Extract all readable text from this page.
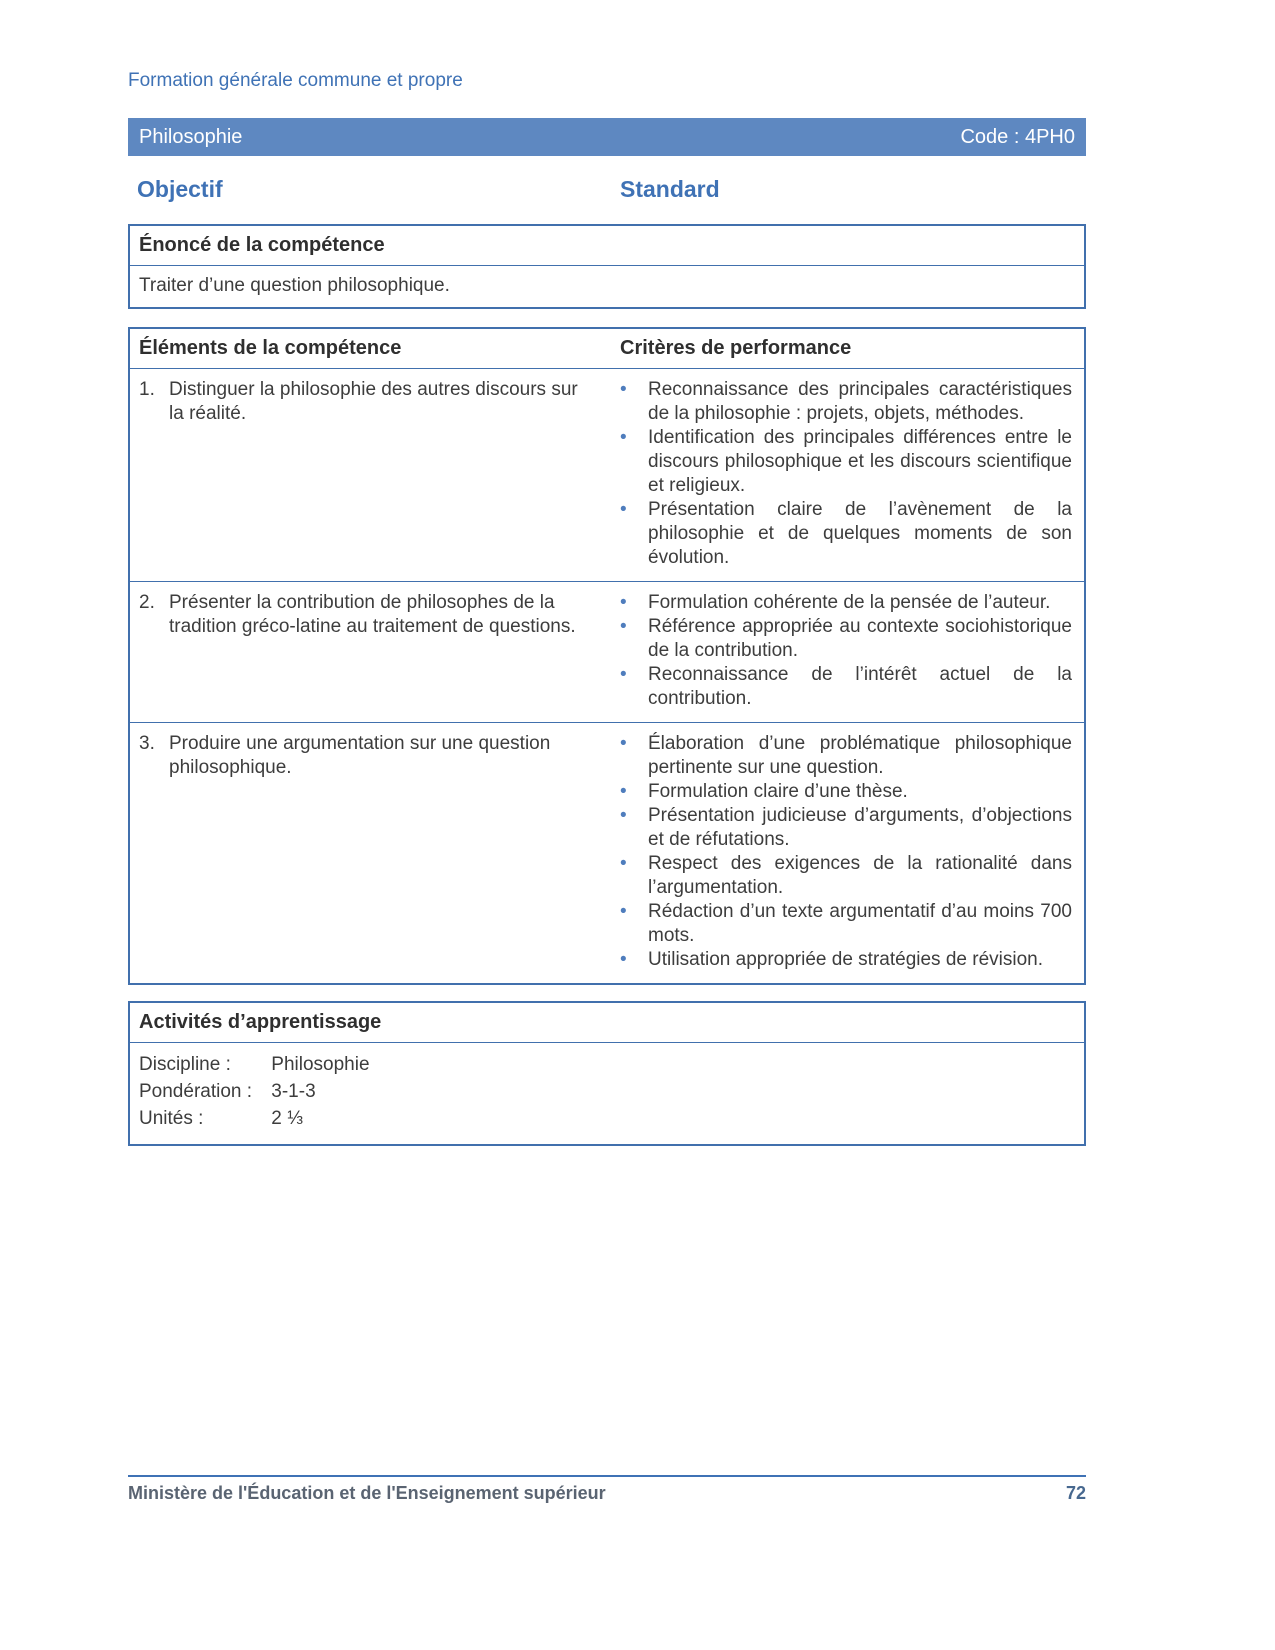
Formation générale commune et propre
Philosophie	Code : 4PH0
Objectif	Standard
Énoncé de la compétence
Traiter d’une question philosophique.
Éléments de la compétence	Critères de performance
1. Distinguer la philosophie des autres discours sur la réalité.
•	Reconnaissance des principales caractéristiques de la philosophie : projets, objets, méthodes.
•	Identification des principales différences entre le discours philosophique et les discours scientifique et religieux.
•	Présentation claire de l’avènement de la philosophie et de quelques moments de son évolution.
2. Présenter la contribution de philosophes de la tradition gréco-latine au traitement de questions.
•	Formulation cohérente de la pensée de l’auteur.
•	Référence appropriée au contexte sociohistorique de la contribution.
•	Reconnaissance de l’intérêt actuel de la contribution.
3. Produire une argumentation sur une question philosophique.
•	Élaboration d’une problématique philosophique pertinente sur une question.
•	Formulation claire d’une thèse.
•	Présentation judicieuse d’arguments, d’objections et de réfutations.
•	Respect des exigences de la rationalité dans l’argumentation.
•	Rédaction d’un texte argumentatif d’au moins 700 mots.
•	Utilisation appropriée de stratégies de révision.
Activités d’apprentissage
Discipline : Philosophie
Pondération : 3-1-3
Unités :	2 ⅓
Ministère de l'Éducation et de l'Enseignement supérieur	72
